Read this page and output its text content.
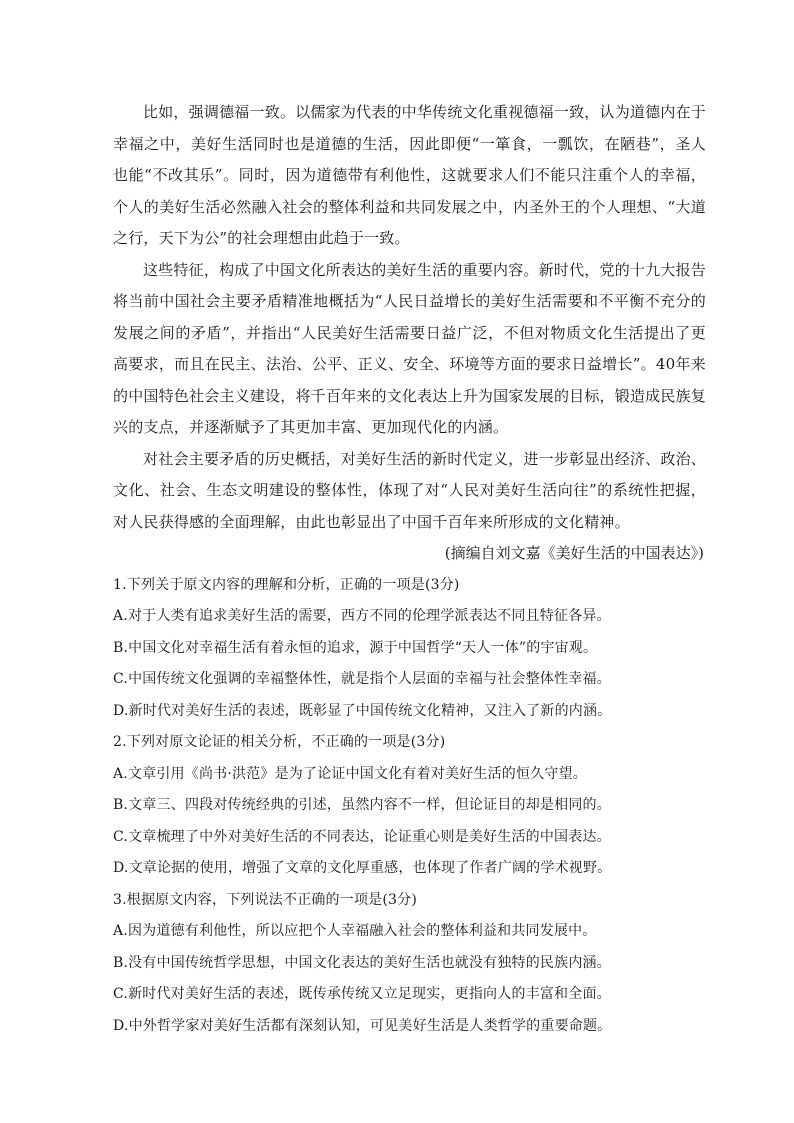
比如，强调德福一致。以儒家为代表的中华传统文化重视德福一致，认为道德内在于幸福之中，美好生活同时也是道德的生活，因此即便“一箪食，一瓢饮，在陋巷”，圣人也能“不改其乐”。同时，因为道德带有利他性，这就要求人们不能只注重个人的幸福，个人的美好生活必然融入社会的整体利益和共同发展之中，内圣外王的个人理想、“大道之行，天下为公”的社会理想由此趋于一致。

这些特征，构成了中国文化所表达的美好生活的重要内容。新时代，党的十九大报告将当前中国社会主要矛盾精准地概括为“人民日益增长的美好生活需要和不平衡不充分的发展之间的矛盾”，并指出“人民美好生活需要日益广泛，不但对物质文化生活提出了更高要求，而且在民主、法治、公平、正义、安全、环境等方面的要求日益增长”。40年来的中国特色社会主义建设，将千百年来的文化表达上升为国家发展的目标，锻造成民族复兴的支点，并逐渐赋予了其更加丰富、更加现代化的内涵。

对社会主要矛盾的历史概括，对美好生活的新时代定义，进一步彰显出经济、政治、文化、社会、生态文明建设的整体性，体现了对“人民对美好生活向往”的系统性把握，对人民获得感的全面理解，由此也彰显出了中国千百年来所形成的文化精神。

(摘编自刘文嘉《美好生活的中国表达》)

1.下列关于原文内容的理解和分析，正确的一项是(3分)

A.对于人类有追求美好生活的需要，西方不同的伦理学派表达不同且特征各异。

B.中国文化对幸福生活有着永恒的追求，源于中国哲学“天人一体”的宇宙观。

C.中国传统文化强调的幸福整体性，就是指个人层面的幸福与社会整体性幸福。

D.新时代对美好生活的表述，既彰显了中国传统文化精神，又注入了新的内涵。

2.下列对原文论证的相关分析，不正确的一项是(3分)

A.文章引用《尚书·洪范》是为了论证中国文化有着对美好生活的恒久守望。

B.文章三、四段对传统经典的引述，虽然内容不一样，但论证目的却是相同的。

C.文章梳理了中外对美好生活的不同表达，论证重心则是美好生活的中国表达。

D.文章论据的使用，增强了文章的文化厚重感，也体现了作者广阔的学术视野。

3.根据原文内容，下列说法不正确的一项是(3分)

A.因为道德有利他性，所以应把个人幸福融入社会的整体利益和共同发展中。

B.没有中国传统哲学思想，中国文化表达的美好生活也就没有独特的民族内涵。

C.新时代对美好生活的表述，既传承传统又立足现实，更指向人的丰富和全面。

D.中外哲学家对美好生活都有深刻认知，可见美好生活是人类哲学的重要命题。
